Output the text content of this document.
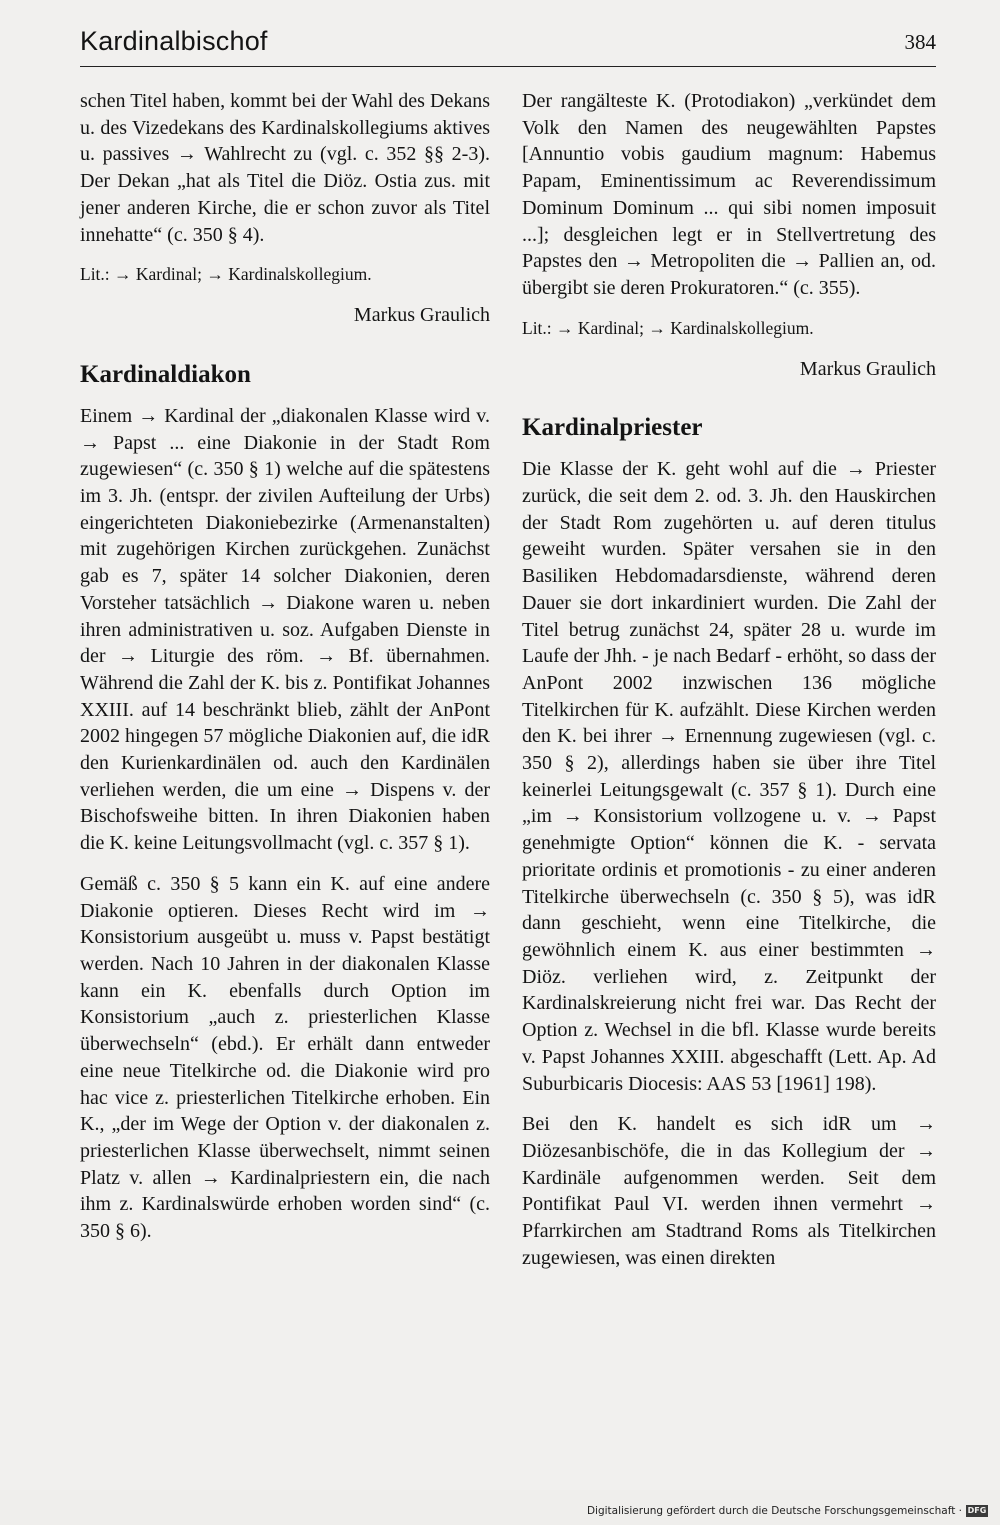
Kardinalbischof	384

schen Titel haben, kommt bei der Wahl des Dekans u. des Vizedekans des Kardinalskollegiums aktives u. passives → Wahlrecht zu (vgl. c. 352 §§ 2-3). Der Dekan „hat als Titel die Diöz. Ostia zus. mit jener anderen Kirche, die er schon zuvor als Titel innehatte“ (c. 350 § 4).

Lit.: → Kardinal; → Kardinalskollegium.

Markus Graulich

Kardinaldiakon

Einem → Kardinal der „diakonalen Klasse wird v. → Papst ... eine Diakonie in der Stadt Rom zugewiesen“ (c. 350 § 1) welche auf die spätestens im 3. Jh. (entspr. der zivilen Aufteilung der Urbs) eingerichteten Diakoniebezirke (Armenanstalten) mit zugehörigen Kirchen zurückgehen. Zunächst gab es 7, später 14 solcher Diakonien, deren Vorsteher tatsächlich → Diakone waren u. neben ihren administrativen u. soz. Aufgaben Dienste in der → Liturgie des röm. → Bf. übernahmen. Während die Zahl der K. bis z. Pontifikat Johannes XXIII. auf 14 beschränkt blieb, zählt der AnPont 2002 hingegen 57 mögliche Diakonien auf, die idR den Kurienkardinälen od. auch den Kardinälen verliehen werden, die um eine → Dispens v. der Bischofsweihe bitten. In ihren Diakonien haben die K. keine Leitungsvollmacht (vgl. c. 357 § 1).

Gemäß c. 350 § 5 kann ein K. auf eine andere Diakonie optieren. Dieses Recht wird im → Konsistorium ausgeübt u. muss v. Papst bestätigt werden. Nach 10 Jahren in der diakonalen Klasse kann ein K. ebenfalls durch Option im Konsistorium „auch z. priesterlichen Klasse überwechseln“ (ebd.). Er erhält dann entweder eine neue Titelkirche od. die Diakonie wird pro hac vice z. priesterlichen Titelkirche erhoben. Ein K., „der im Wege der Option v. der diakonalen z. priesterlichen Klasse überwechselt, nimmt seinen Platz v. allen → Kardinalpriestern ein, die nach ihm z. Kardinalswürde erhoben worden sind“ (c. 350 § 6).

Der rangälteste K. (Protodiakon) „verkündet dem Volk den Namen des neugewählten Papstes [Annuntio vobis gaudium magnum: Habemus Papam, Eminentissimum ac Reverendissimum Dominum Dominum ... qui sibi nomen imposuit ...]; desgleichen legt er in Stellvertretung des Papstes den → Metropoliten die → Pallien an, od. übergibt sie deren Prokuratoren.“ (c. 355).

Lit.: → Kardinal; → Kardinalskollegium.

Markus Graulich

Kardinalpriester

Die Klasse der K. geht wohl auf die → Priester zurück, die seit dem 2. od. 3. Jh. den Hauskirchen der Stadt Rom zugehörten u. auf deren titulus geweiht wurden. Später versahen sie in den Basiliken Hebdomadarsdienste, während deren Dauer sie dort inkardiniert wurden. Die Zahl der Titel betrug zunächst 24, später 28 u. wurde im Laufe der Jhh. - je nach Bedarf - erhöht, so dass der AnPont 2002 inzwischen 136 mögliche Titelkirchen für K. aufzählt. Diese Kirchen werden den K. bei ihrer → Ernennung zugewiesen (vgl. c. 350 § 2), allerdings haben sie über ihre Titel keinerlei Leitungsgewalt (c. 357 § 1). Durch eine „im → Konsistorium vollzogene u. v. → Papst genehmigte Option“ können die K. - servata prioritate ordinis et promotionis - zu einer anderen Titelkirche überwechseln (c. 350 § 5), was idR dann geschieht, wenn eine Titelkirche, die gewöhnlich einem K. aus einer bestimmten → Diöz. verliehen wird, z. Zeitpunkt der Kardinalskreierung nicht frei war. Das Recht der Option z. Wechsel in die bfl. Klasse wurde bereits v. Papst Johannes XXIII. abgeschafft (Lett. Ap. Ad Suburbicaris Diocesis: AAS 53 [1961] 198).

Bei den K. handelt es sich idR um → Diözesanbischöfe, die in das Kollegium der → Kardinäle aufgenommen werden. Seit dem Pontifikat Paul VI. werden ihnen vermehrt → Pfarrkirchen am Stadtrand Roms als Titelkirchen zugewiesen, was einen direkten

Digitalisierung gefördert durch die Deutsche Forschungsgemeinschaft · DFG
